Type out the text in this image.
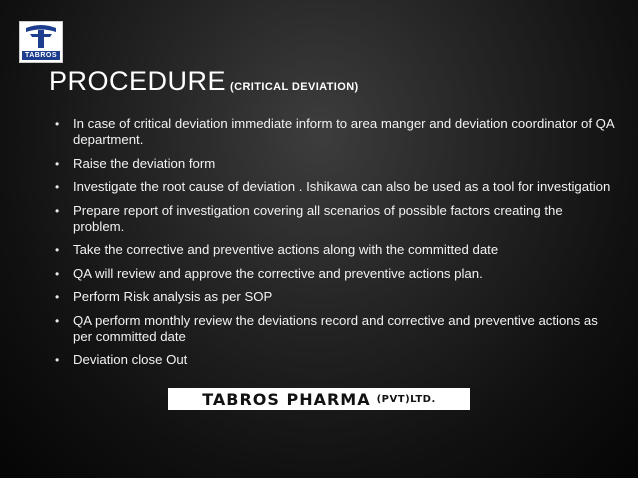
TABROS
PROCEDURE (CRITICAL DEVIATION)
• In case of critical deviation immediate inform to area manger and deviation coordinator of QA department.
• Raise the deviation form
• Investigate the root cause of deviation . Ishikawa can also be used as a tool for investigation
• Prepare report of investigation covering all scenarios of possible factors creating the problem.
• Take the corrective and preventive actions along with the committed date
• QA will review and approve the corrective and preventive actions plan.
• Perform Risk analysis as per SOP
• QA perform monthly review the deviations record and corrective and preventive actions as per committed date
• Deviation close Out
TABROS PHARMA (PVT)LTD.
